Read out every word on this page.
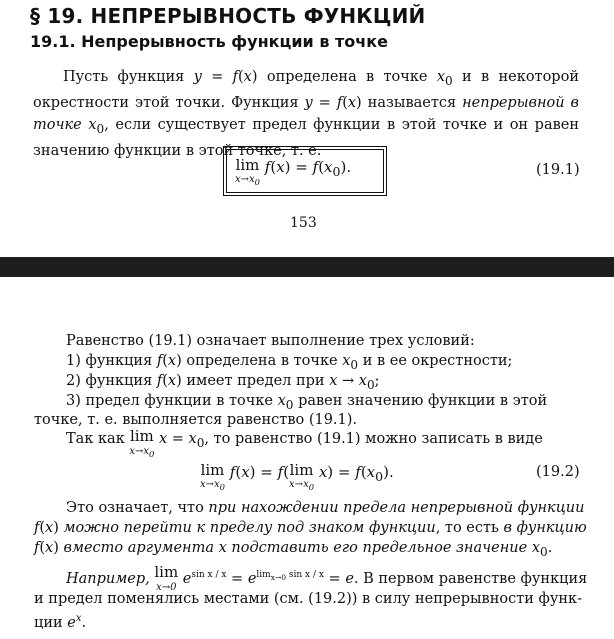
§ 19. НЕПРЕРЫВНОСТЬ ФУНКЦИЙ
19.1. Непрерывность функции в точке
Пусть функция y = f(x) определена в точке $x_0$ и в некоторой окрестности этой точки. Функция y = f(x) называется непрерывной в точке $x_0$, если существует предел функции в этой точке и он равен значению функции в этой точке, т. е.
lim
$x\to x_0$
$f(x) = f(x_0)$.	(19.1)
153
Равенство (19.1) означает выполнение трех условий:
1) функция f(x) определена в точке $x_0$ и в ее окрестности;
2) функция f(x) имеет предел при $x \to x_0$;
3) предел функции в точке $x_0$ равен значению функции в этой
точке, т. е. выполняется равенство (19.1).
Так как lim
$x\to x_0$
$x = x_0$, то равенство (19.1) можно записать в виде
lim
$x\to x_0$
f(x) = f(lim
$x\to x_0$
$x) = f(x_0)$.	(19.2)
Это означает, что при нахождении предела непрерывной функции
f(x) можно перейти к пределу под знаком функции, то есть в функцию
f(x) вместо аргумента x подставить его предельное значение $x_0$.
Например, lim
x→0
$e^{sin x / x} = e^{lim_{x\to 0} sin x / x} = e$. В первом равенстве функция
и предел поменялись местами (см. (19.2)) в силу непрерывности функ-
ции $e^x$.
